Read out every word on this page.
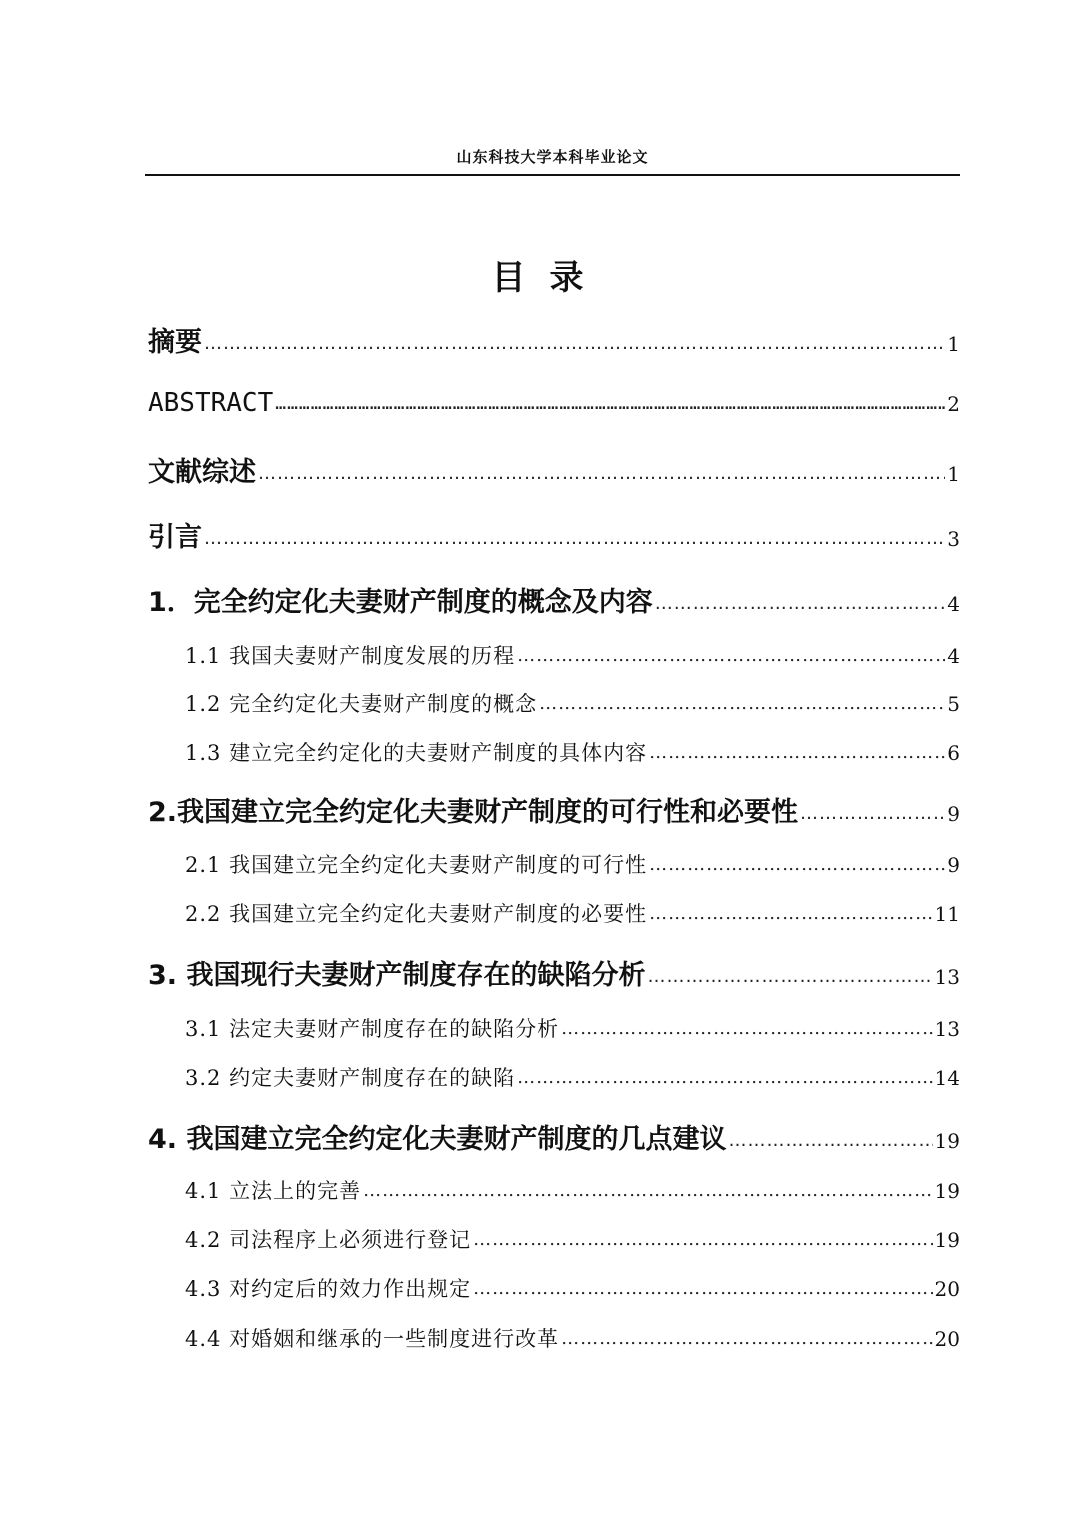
山东科技大学本科毕业论文
目录
摘要 ……………………………………………………………………………………………………………………………………………………………………………………	1
ABSTRACT ……………………………………………………………………………………………………………………………………………………………………………………	2
文献综述 ……………………………………………………………………………………………………………………………………………………………………………………	1
引言 ……………………………………………………………………………………………………………………………………………………………………………………	3
1．完全约定化夫妻财产制度的概念及内容 ……………………………………………………………………………………………………………………………………………………………………………………	4
1.1 我国夫妻财产制度发展的历程 ……………………………………………………………………………………………………………………………………………………………………………………	4
1.2 完全约定化夫妻财产制度的概念 ……………………………………………………………………………………………………………………………………………………………………………………	5
1.3 建立完全约定化的夫妻财产制度的具体内容 ……………………………………………………………………………………………………………………………………………………………………………………	6
2.我国建立完全约定化夫妻财产制度的可行性和必要性 ……………………………………………………………………………………………………………………………………………………………………………………	9
2.1 我国建立完全约定化夫妻财产制度的可行性 ……………………………………………………………………………………………………………………………………………………………………………………	9
2.2 我国建立完全约定化夫妻财产制度的必要性 ……………………………………………………………………………………………………………………………………………………………………………………	11
3. 我国现行夫妻财产制度存在的缺陷分析 ……………………………………………………………………………………………………………………………………………………………………………………	13
3.1 法定夫妻财产制度存在的缺陷分析 ……………………………………………………………………………………………………………………………………………………………………………………	13
3.2 约定夫妻财产制度存在的缺陷 ……………………………………………………………………………………………………………………………………………………………………………………	14
4. 我国建立完全约定化夫妻财产制度的几点建议 ……………………………………………………………………………………………………………………………………………………………………………………	19
4.1 立法上的完善 ……………………………………………………………………………………………………………………………………………………………………………………	19
4.2 司法程序上必须进行登记 ……………………………………………………………………………………………………………………………………………………………………………………	19
4.3 对约定后的效力作出规定 ……………………………………………………………………………………………………………………………………………………………………………………	20
4.4 对婚姻和继承的一些制度进行改革 ……………………………………………………………………………………………………………………………………………………………………………………	20
